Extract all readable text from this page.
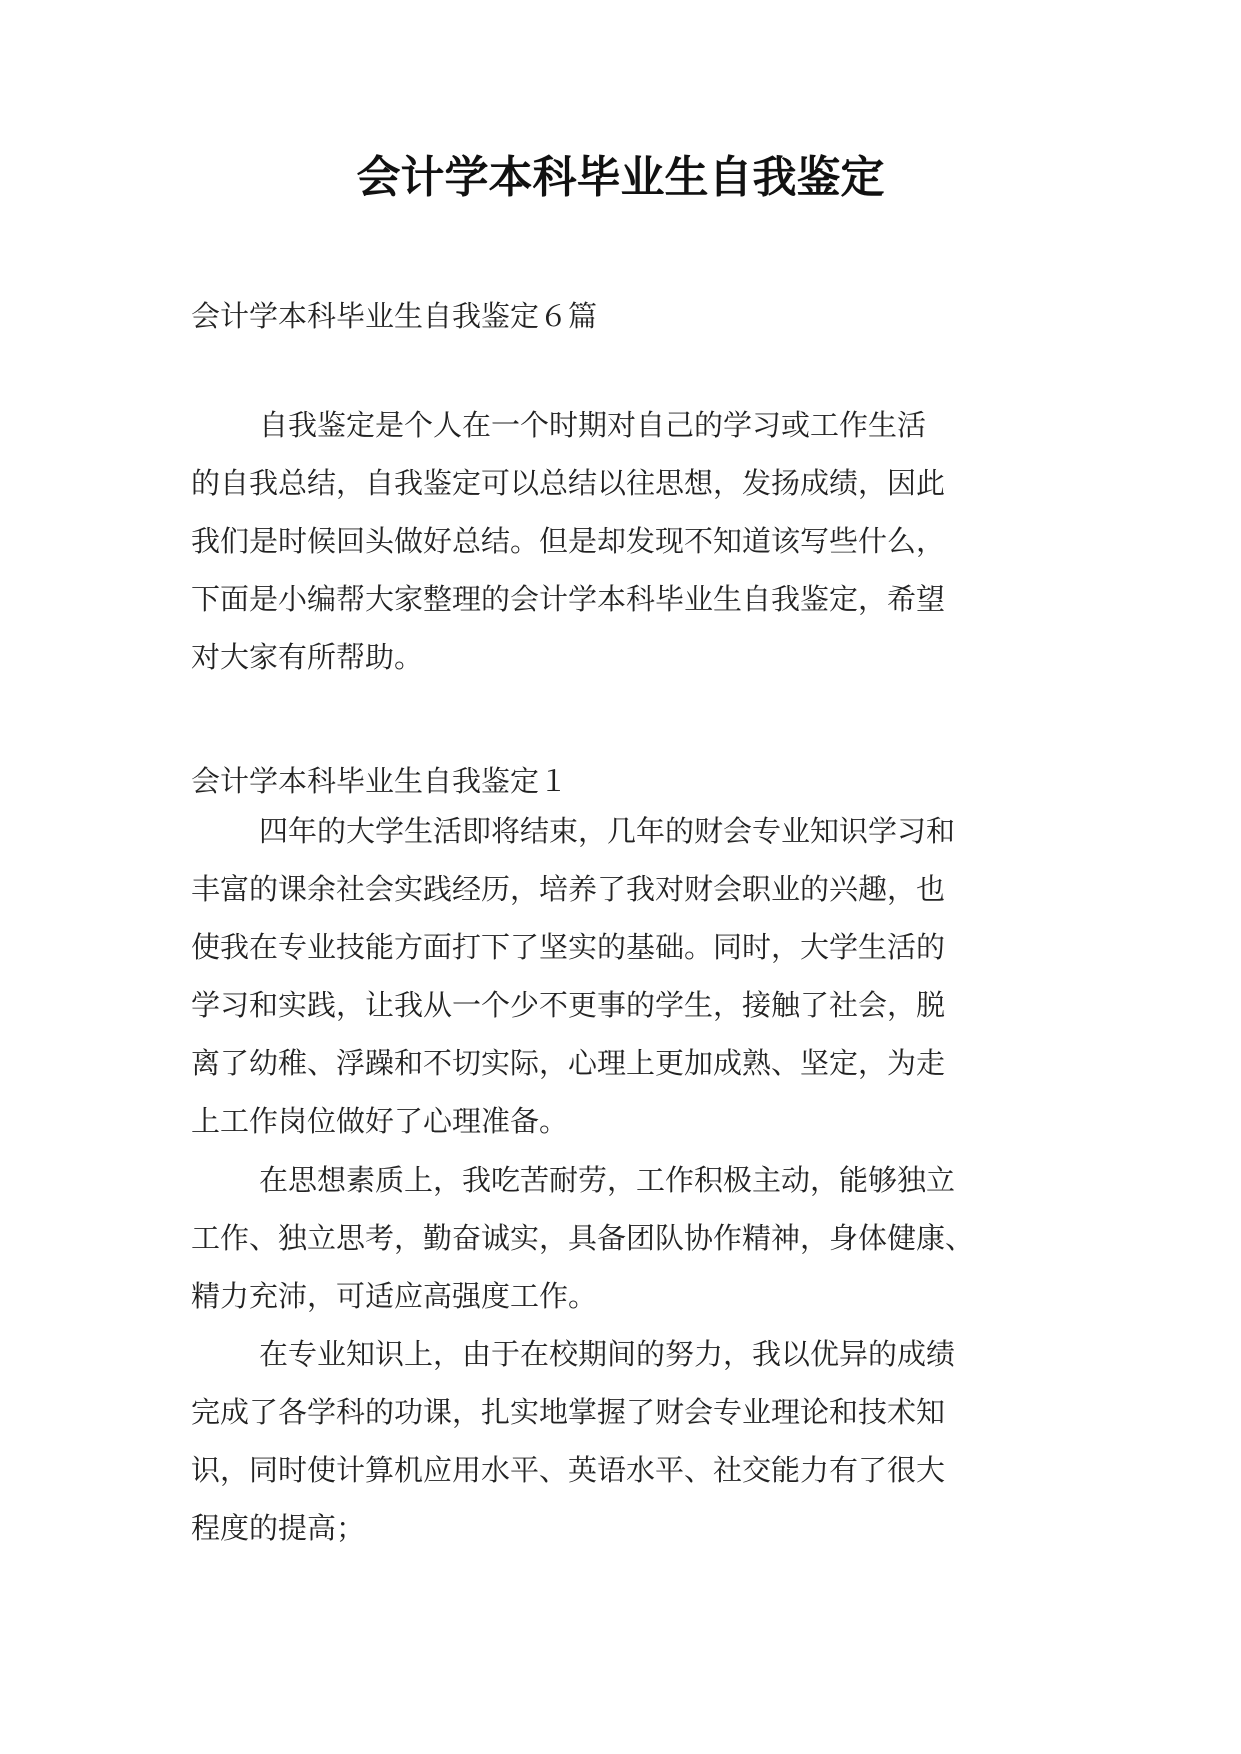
会计学本科毕业生自我鉴定
会计学本科毕业生自我鉴定６篇
自我鉴定是个人在一个时期对自己的学习或工作生活
的自我总结，自我鉴定可以总结以往思想，发扬成绩，因此
我们是时候回头做好总结。但是却发现不知道该写些什么，
下面是小编帮大家整理的会计学本科毕业生自我鉴定，希望
对大家有所帮助。
会计学本科毕业生自我鉴定１
四年的大学生活即将结束，几年的财会专业知识学习和
丰富的课余社会实践经历，培养了我对财会职业的兴趣，也
使我在专业技能方面打下了坚实的基础。同时，大学生活的
学习和实践，让我从一个少不更事的学生，接触了社会，脱
离了幼稚、浮躁和不切实际，心理上更加成熟、坚定，为走
上工作岗位做好了心理准备。
在思想素质上，我吃苦耐劳，工作积极主动，能够独立
工作、独立思考，勤奋诚实，具备团队协作精神，身体健康、
精力充沛，可适应高强度工作。
在专业知识上，由于在校期间的努力，我以优异的成绩
完成了各学科的功课，扎实地掌握了财会专业理论和技术知
识，同时使计算机应用水平、英语水平、社交能力有了很大
程度的提高；
